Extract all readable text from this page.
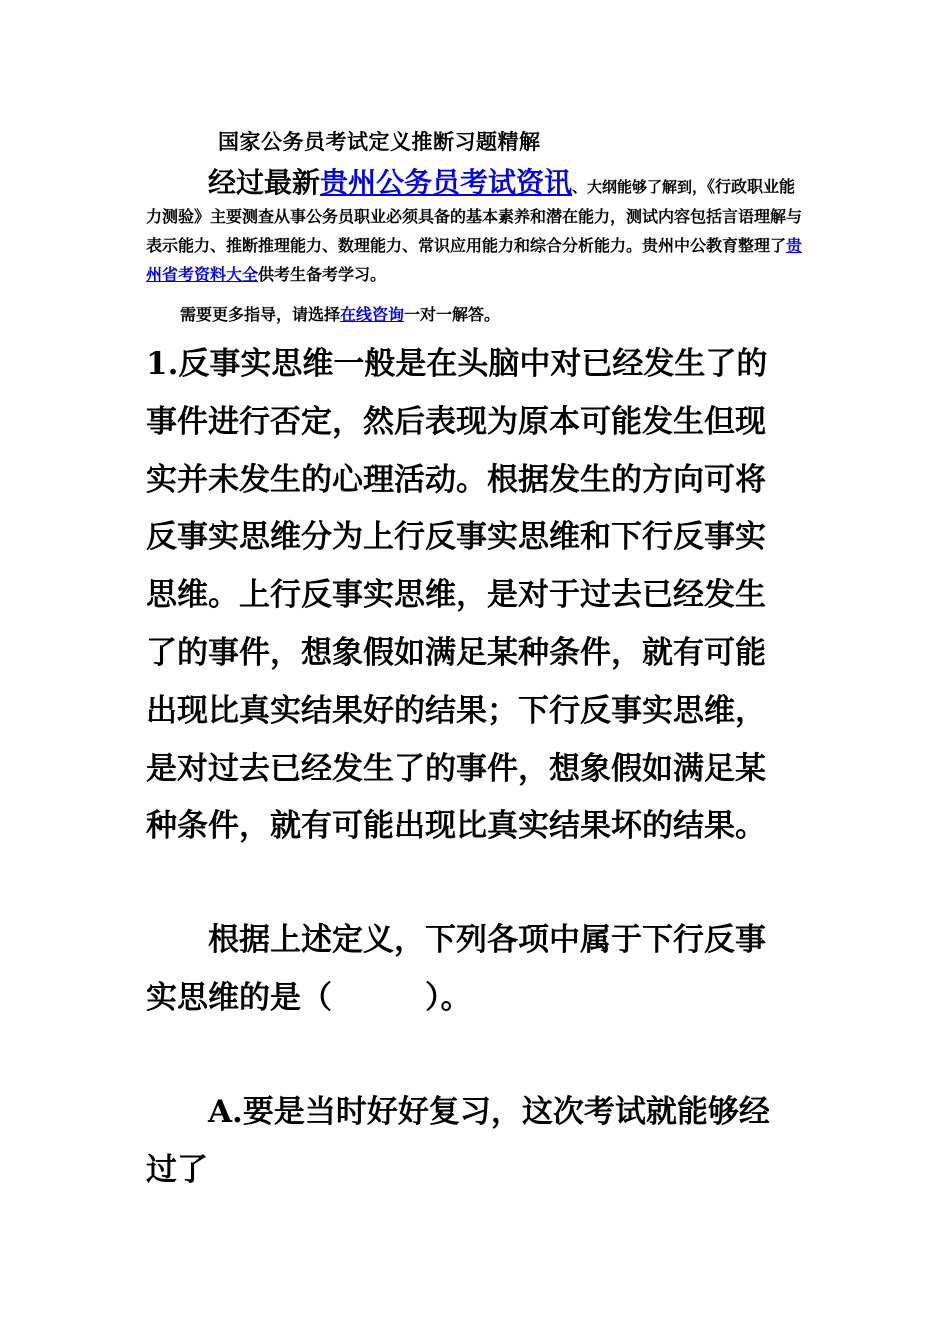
国家公务员考试定义推断习题精解
经过最新贵州公务员考试资讯、大纲能够了解到，《行政职业能力测验》主要测查从事公务员职业必须具备的基本素养和潜在能力，测试内容包括言语理解与表示能力、推断推理能力、数理能力、常识应用能力和综合分析能力。贵州中公教育整理了贵州省考资料大全供考生备考学习。
需要更多指导，请选择在线咨询一对一解答。
1.反事实思维一般是在头脑中对已经发生了的事件进行否定，然后表现为原本可能发生但现实并未发生的心理活动。根据发生的方向可将反事实思维分为上行反事实思维和下行反事实思维。上行反事实思维，是对于过去已经发生了的事件，想象假如满足某种条件，就有可能出现比真实结果好的结果；下行反事实思维，是对过去已经发生了的事件，想象假如满足某种条件，就有可能出现比真实结果坏的结果。
根据上述定义，下列各项中属于下行反事实思维的是（　　　）。
A.要是当时好好复习，这次考试就能够经过了
